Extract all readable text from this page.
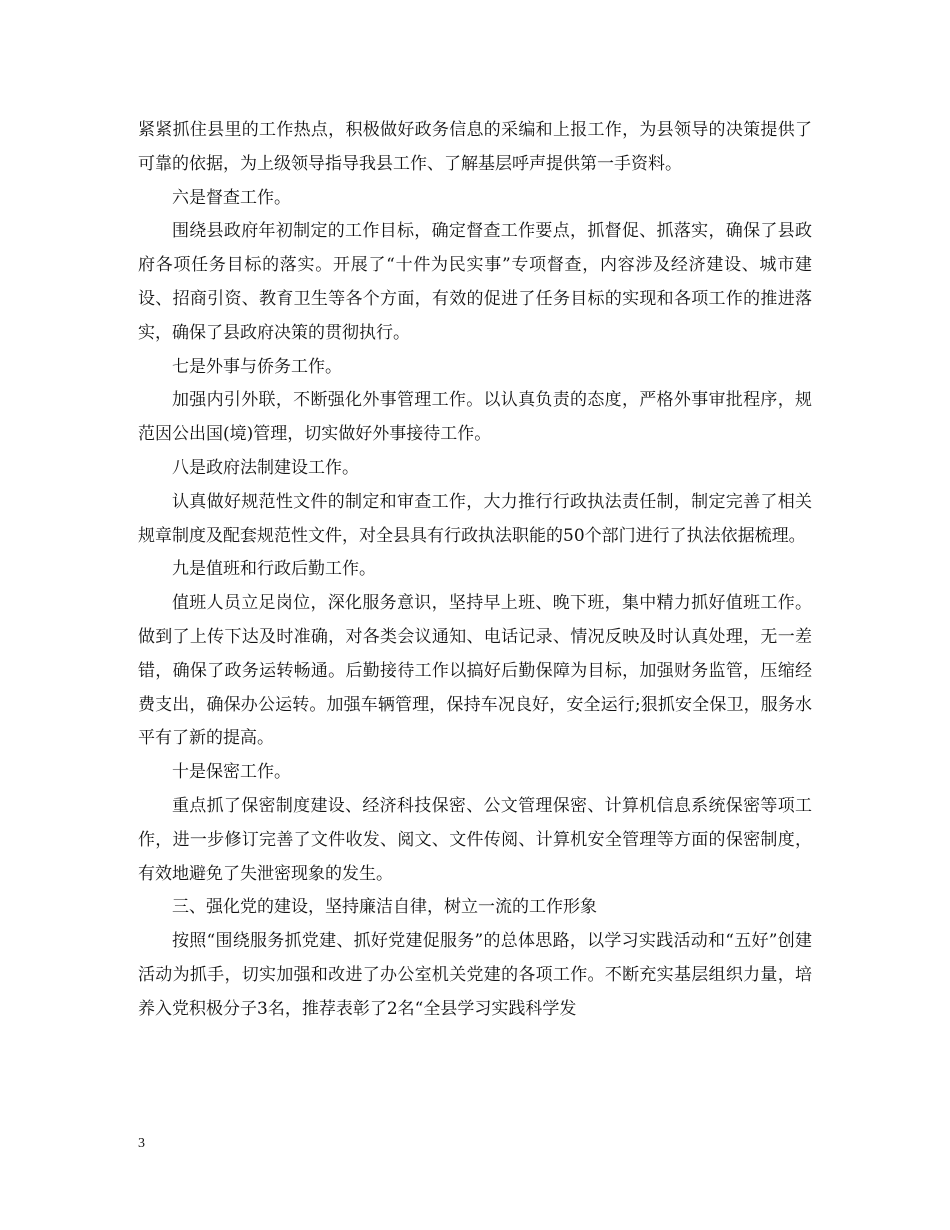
紧紧抓住县里的工作热点，积极做好政务信息的采编和上报工作，为县领导的决策提供了可靠的依据，为上级领导指导我县工作、了解基层呼声提供第一手资料。

六是督查工作。

围绕县政府年初制定的工作目标，确定督查工作要点，抓督促、抓落实，确保了县政府各项任务目标的落实。开展了“十件为民实事”专项督查，内容涉及经济建设、城市建设、招商引资、教育卫生等各个方面，有效的促进了任务目标的实现和各项工作的推进落实，确保了县政府决策的贯彻执行。

七是外事与侨务工作。

加强内引外联，不断强化外事管理工作。以认真负责的态度，严格外事审批程序，规范因公出国(境)管理，切实做好外事接待工作。

八是政府法制建设工作。

认真做好规范性文件的制定和审查工作，大力推行行政执法责任制，制定完善了相关规章制度及配套规范性文件，对全县具有行政执法职能的50个部门进行了执法依据梳理。

九是值班和行政后勤工作。

值班人员立足岗位，深化服务意识，坚持早上班、晚下班，集中精力抓好值班工作。做到了上传下达及时准确，对各类会议通知、电话记录、情况反映及时认真处理，无一差错，确保了政务运转畅通。后勤接待工作以搞好后勤保障为目标，加强财务监管，压缩经费支出，确保办公运转。加强车辆管理，保持车况良好，安全运行;狠抓安全保卫，服务水平有了新的提高。

十是保密工作。

重点抓了保密制度建设、经济科技保密、公文管理保密、计算机信息系统保密等项工作，进一步修订完善了文件收发、阅文、文件传阅、计算机安全管理等方面的保密制度，有效地避免了失泄密现象的发生。

三、强化党的建设，坚持廉洁自律，树立一流的工作形象

按照“围绕服务抓党建、抓好党建促服务”的总体思路，以学习实践活动和“五好”创建活动为抓手，切实加强和改进了办公室机关党建的各项工作。不断充实基层组织力量，培养入党积极分子3名，推荐表彰了2名“全县学习实践科学发

3
